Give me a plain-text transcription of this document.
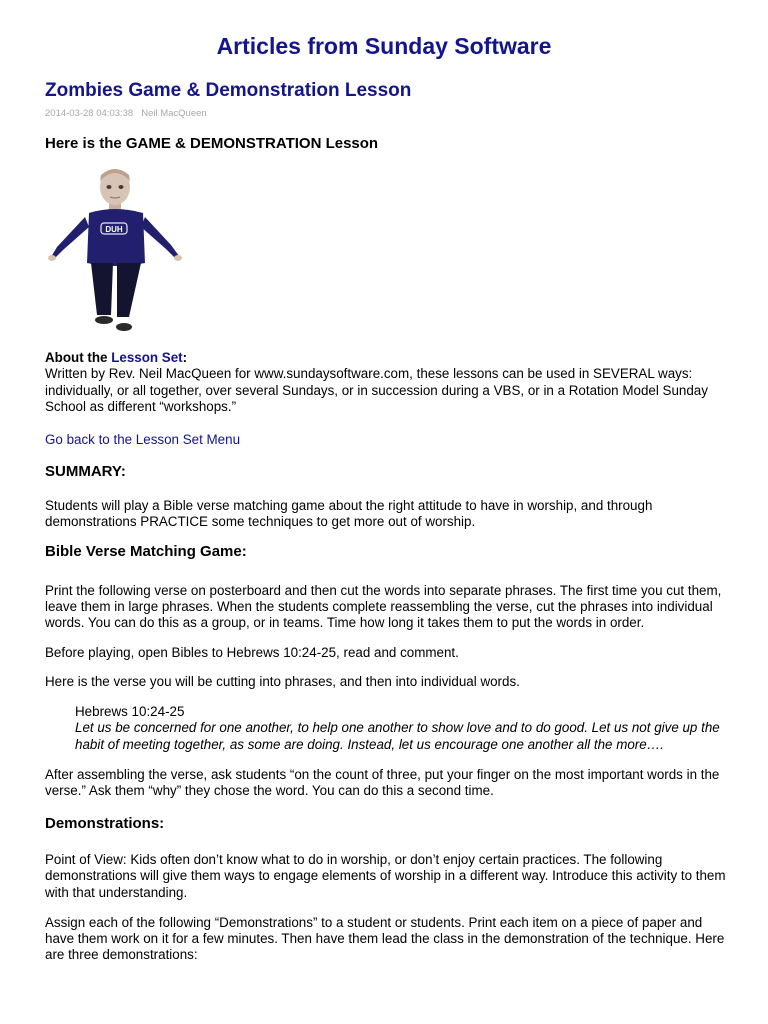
Articles from Sunday Software
Zombies Game & Demonstration Lesson
2014-03-28 04:03:38 Neil MacQueen
Here is the GAME & DEMONSTRATION Lesson
DUH

About the Lesson Set:
Written by Rev. Neil MacQueen for www.sundaysoftware.com, these lessons can be used in SEVERAL ways: individually, or all together, over several Sundays, or in succession during a VBS, or in a Rotation Model Sunday School as different “workshops.”

Go back to the Lesson Set Menu

SUMMARY:

Students will play a Bible verse matching game about the right attitude to have in worship, and through demonstrations PRACTICE some techniques to get more out of worship.

Bible Verse Matching Game:

Print the following verse on posterboard and then cut the words into separate phrases. The first time you cut them, leave them in large phrases. When the students complete reassembling the verse, cut the phrases into individual words. You can do this as a group, or in teams. Time how long it takes them to put the words in order.

Before playing, open Bibles to Hebrews 10:24-25, read and comment.

Here is the verse you will be cutting into phrases, and then into individual words.

Hebrews 10:24-25
Let us be concerned for one another, to help one another to show love and to do good. Let us not give up the habit of meeting together, as some are doing. Instead, let us encourage one another all the more….

After assembling the verse, ask students “on the count of three, put your finger on the most important words in the verse.” Ask them “why” they chose the word. You can do this a second time.

Demonstrations:

Point of View: Kids often don’t know what to do in worship, or don’t enjoy certain practices. The following demonstrations will give them ways to engage elements of worship in a different way. Introduce this activity to them with that understanding.

Assign each of the following “Demonstrations” to a student or students. Print each item on a piece of paper and have them work on it for a few minutes. Then have them lead the class in the demonstration of the technique. Here are three demonstrations:
